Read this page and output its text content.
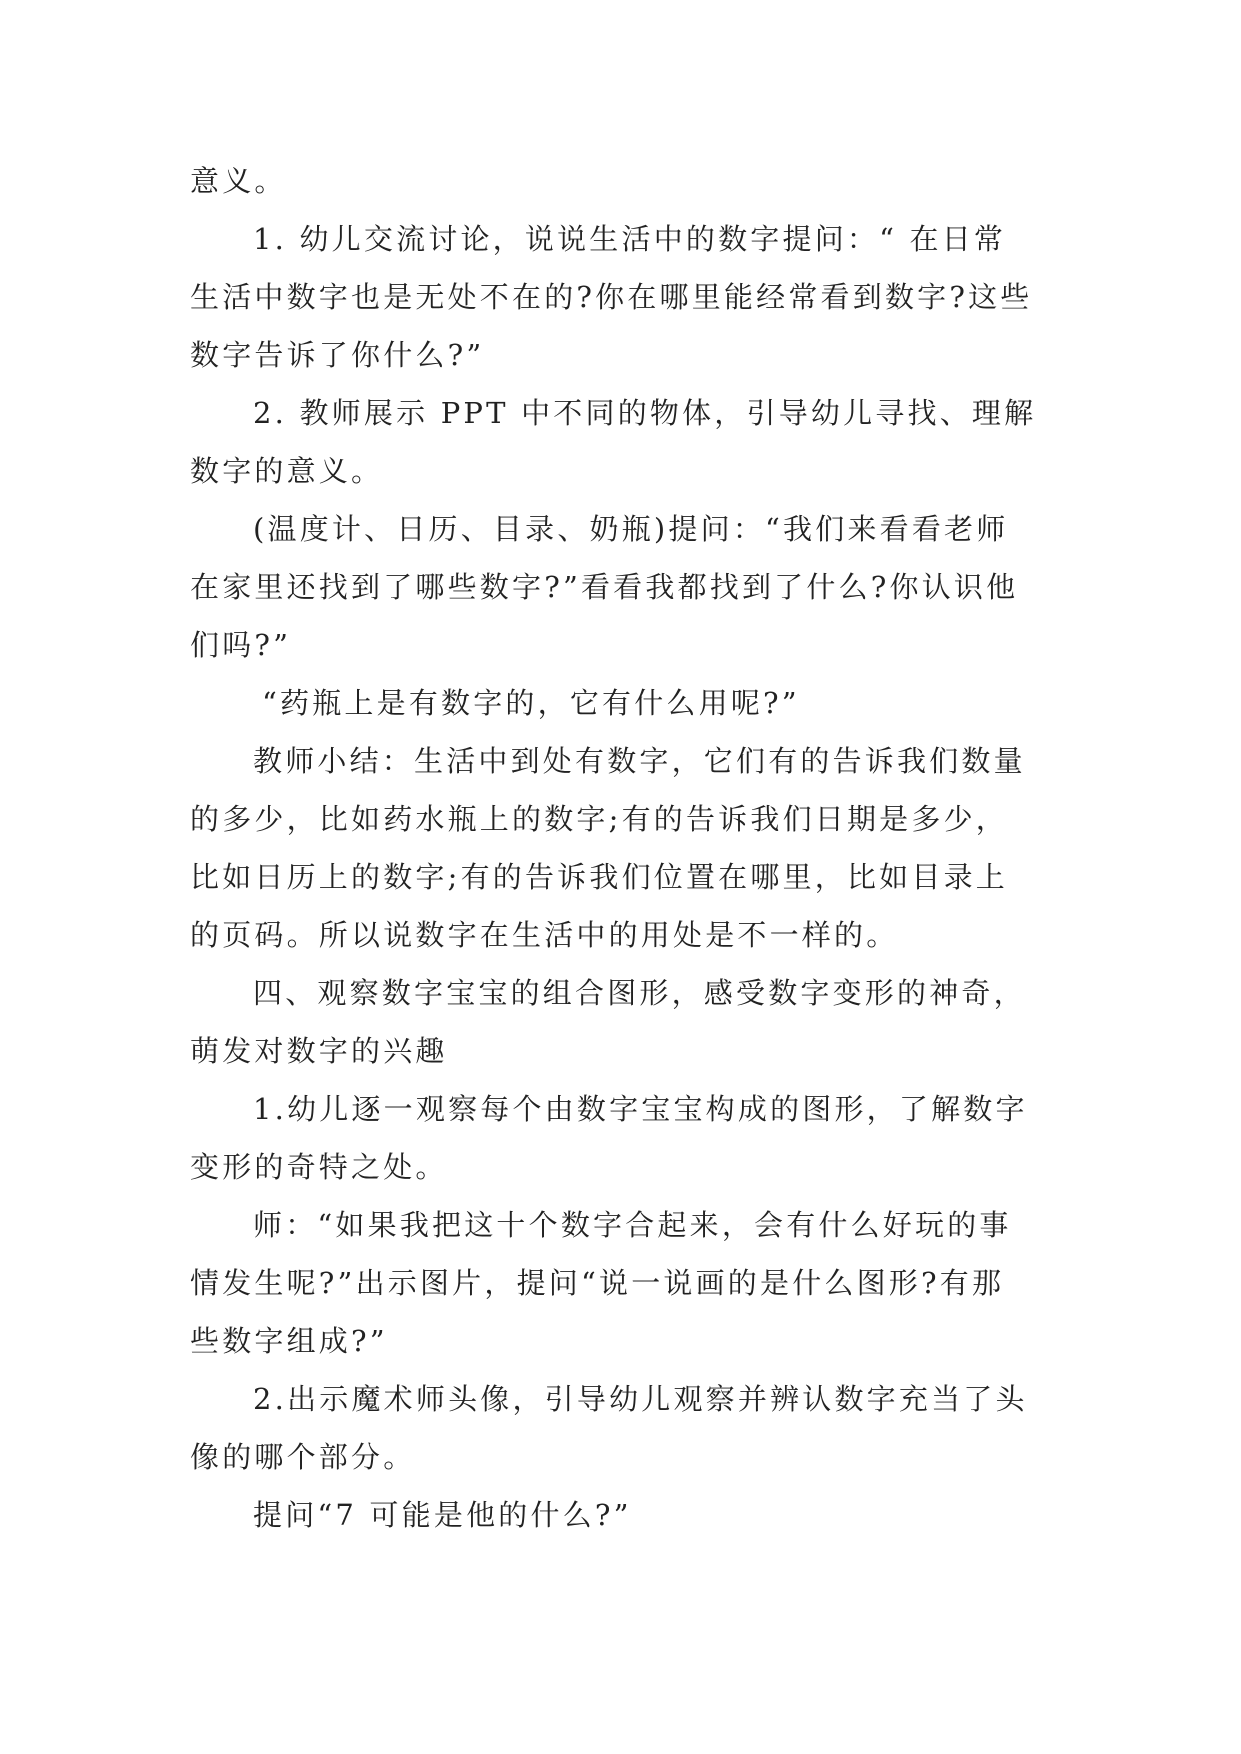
意义。
1. 幼儿交流讨论，说说生活中的数字提问：“ 在日常
生活中数字也是无处不在的?你在哪里能经常看到数字?这些
数字告诉了你什么?”
2. 教师展示 PPT 中不同的物体，引导幼儿寻找、理解
数字的意义。
(温度计、日历、目录、奶瓶)提问：“我们来看看老师
在家里还找到了哪些数字?”看看我都找到了什么?你认识他
们吗?”
“药瓶上是有数字的，它有什么用呢?”
教师小结：生活中到处有数字，它们有的告诉我们数量
的多少，比如药水瓶上的数字;有的告诉我们日期是多少，
比如日历上的数字;有的告诉我们位置在哪里，比如目录上
的页码。所以说数字在生活中的用处是不一样的。
四、观察数字宝宝的组合图形，感受数字变形的神奇，
萌发对数字的兴趣
1.幼儿逐一观察每个由数字宝宝构成的图形，了解数字
变形的奇特之处。
师：“如果我把这十个数字合起来，会有什么好玩的事
情发生呢?”出示图片，提问“说一说画的是什么图形?有那
些数字组成?”
2.出示魔术师头像，引导幼儿观察并辨认数字充当了头
像的哪个部分。
提问“7 可能是他的什么?”
